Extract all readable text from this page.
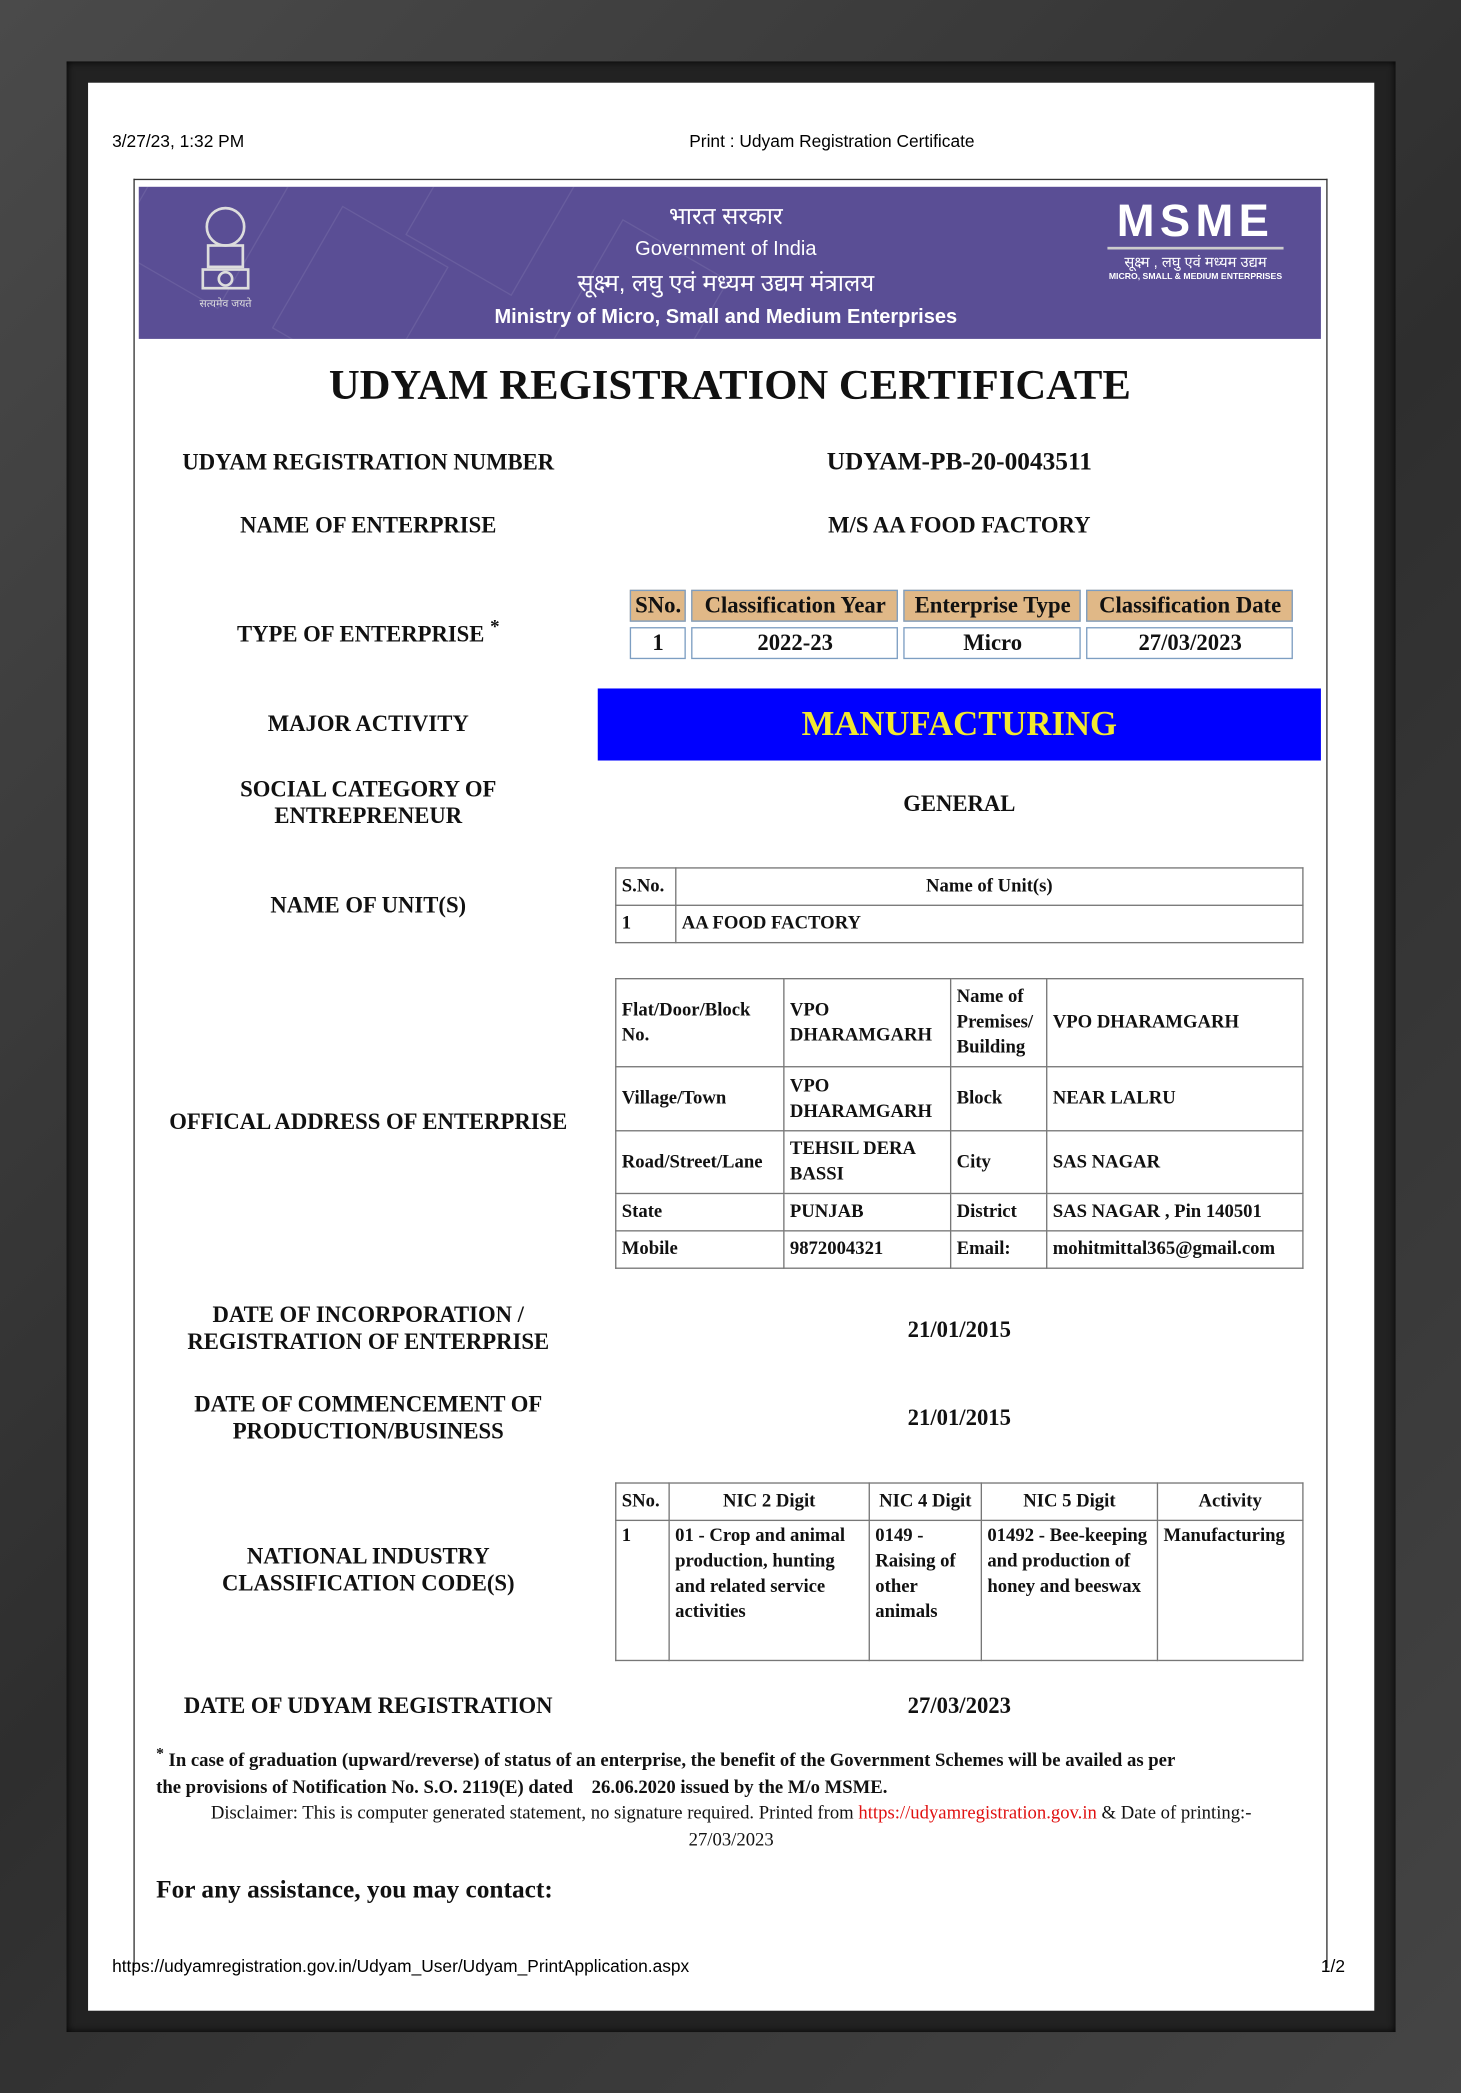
3/27/23, 1:32 PM	Print : Udyam Registration Certificate
सत्यमेव जयते
भारत सरकार
Government of India
सूक्ष्म, लघु एवं मध्यम उद्यम मंत्रालय
Ministry of Micro, Small and Medium Enterprises
MSME
सूक्ष्म , लघु एवं मध्यम उद्यम
MICRO, SMALL & MEDIUM ENTERPRISES
UDYAM REGISTRATION CERTIFICATE
UDYAM REGISTRATION NUMBER	UDYAM-PB-20-0043511
NAME OF ENTERPRISE	M/S AA FOOD FACTORY
TYPE OF ENTERPRISE *
SNo.	Classification Year	Enterprise Type	Classification Date
1	2022-23	Micro	27/03/2023
MAJOR ACTIVITY	MANUFACTURING
SOCIAL CATEGORY OF
ENTREPRENEUR	GENERAL
NAME OF UNIT(S)
S.No.	Name of Unit(s)
1	AA FOOD FACTORY
OFFICAL ADDRESS OF ENTERPRISE
Flat/Door/Block No.	VPO DHARAMGARH	Name of Premises/ Building	VPO DHARAMGARH
Village/Town	VPO DHARAMGARH	Block	NEAR LALRU
Road/Street/Lane	TEHSIL DERA BASSI	City	SAS NAGAR
State	PUNJAB	District	SAS NAGAR , Pin 140501
Mobile	9872004321	Email:	mohitmittal365@gmail.com
DATE OF INCORPORATION /
REGISTRATION OF ENTERPRISE	21/01/2015
DATE OF COMMENCEMENT OF
PRODUCTION/BUSINESS
21/01/2015
NATIONAL INDUSTRY
CLASSIFICATION CODE(S)
SNo.	NIC 2 Digit	NIC 4 Digit	NIC 5 Digit	Activity
1	01 - Crop and animal production, hunting and related service activities	0149 - Raising of other animals	01492 - Bee-keeping and production of honey and beeswax	Manufacturing
DATE OF UDYAM REGISTRATION	27/03/2023
* In case of graduation (upward/reverse) of status of an enterprise, the benefit of the Government Schemes will be availed as per
the provisions of Notification No. S.O. 2119(E) dated    26.06.2020 issued by the M/o MSME.
Disclaimer: This is computer generated statement, no signature required. Printed from https://udyamregistration.gov.in & Date of printing:-
27/03/2023
For any assistance, you may contact:
https://udyamregistration.gov.in/Udyam_User/Udyam_PrintApplication.aspx	1/2
